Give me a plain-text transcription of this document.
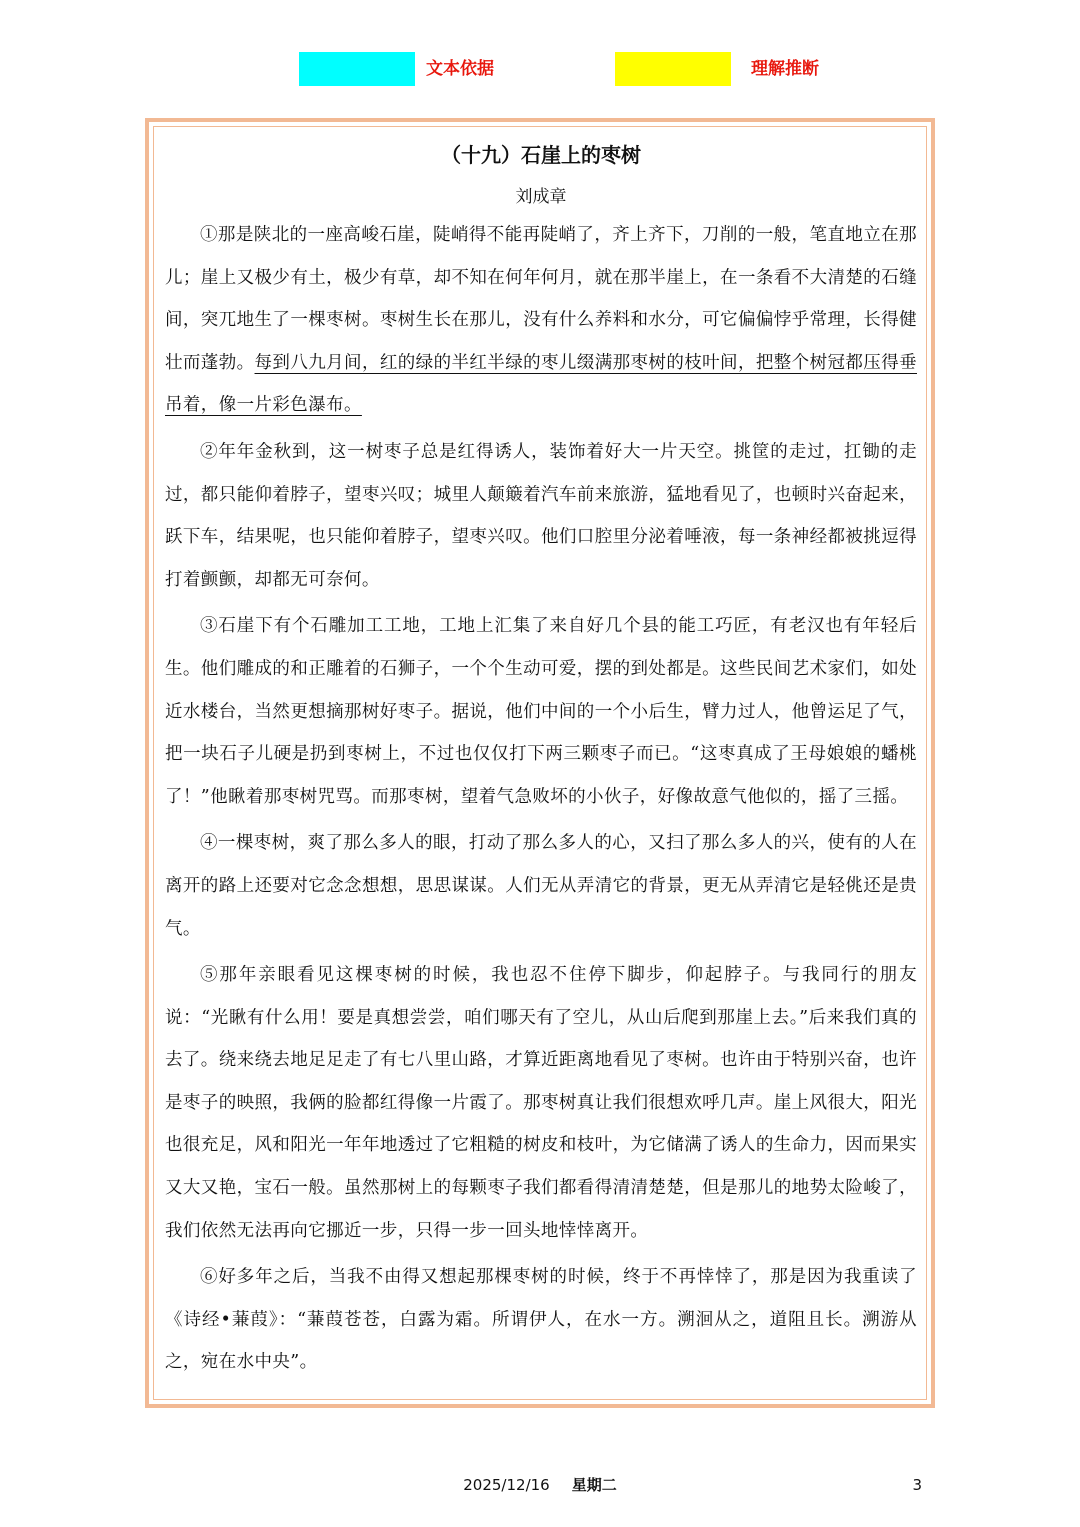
文本依据	理解推断
（十九）石崖上的枣树

刘成章

①那是陕北的一座高峻石崖，陡峭得不能再陡峭了，齐上齐下，刀削的一般，笔直地立在那儿；崖上又极少有土，极少有草，却不知在何年何月，就在那半崖上，在一条看不大清楚的石缝间，突兀地生了一棵枣树。枣树生长在那儿，没有什么养料和水分，可它偏偏悖乎常理，长得健壮而蓬勃。每到八九月间，红的绿的半红半绿的枣儿缀满那枣树的枝叶间，把整个树冠都压得垂吊着，像一片彩色瀑布。

②年年金秋到，这一树枣子总是红得诱人，装饰着好大一片天空。挑筐的走过，扛锄的走过，都只能仰着脖子，望枣兴叹；城里人颠簸着汽车前来旅游，猛地看见了，也顿时兴奋起来，跃下车，结果呢，也只能仰着脖子，望枣兴叹。他们口腔里分泌着唾液，每一条神经都被挑逗得打着颤颤，却都无可奈何。

③石崖下有个石雕加工工地，工地上汇集了来自好几个县的能工巧匠，有老汉也有年轻后生。他们雕成的和正雕着的石狮子，一个个生动可爱，摆的到处都是。这些民间艺术家们，如处近水楼台，当然更想摘那树好枣子。据说，他们中间的一个小后生，臂力过人，他曾运足了气，把一块石子儿硬是扔到枣树上，不过也仅仅打下两三颗枣子而已。“这枣真成了王母娘娘的蟠桃了！”他瞅着那枣树咒骂。而那枣树，望着气急败坏的小伙子，好像故意气他似的，摇了三摇。

④一棵枣树，爽了那么多人的眼，打动了那么多人的心，又扫了那么多人的兴，使有的人在离开的路上还要对它念念想想，思思谋谋。人们无从弄清它的背景，更无从弄清它是轻佻还是贵气。

⑤那年亲眼看见这棵枣树的时候，我也忍不住停下脚步，仰起脖子。与我同行的朋友说：“光瞅有什么用！要是真想尝尝，咱们哪天有了空儿，从山后爬到那崖上去。”后来我们真的去了。绕来绕去地足足走了有七八里山路，才算近距离地看见了枣树。也许由于特别兴奋，也许是枣子的映照，我俩的脸都红得像一片霞了。那枣树真让我们很想欢呼几声。崖上风很大，阳光也很充足，风和阳光一年年地透过了它粗糙的树皮和枝叶，为它储满了诱人的生命力，因而果实又大又艳，宝石一般。虽然那树上的每颗枣子我们都看得清清楚楚，但是那儿的地势太险峻了，我们依然无法再向它挪近一步，只得一步一回头地悻悻离开。

⑥好多年之后，当我不由得又想起那棵枣树的时候，终于不再悻悻了，那是因为我重读了《诗经•蒹葭》：“蒹葭苍苍，白露为霜。所谓伊人，在水一方。溯洄从之，道阻且长。溯游从之，宛在水中央”。

2025/12/16 星期二	3
